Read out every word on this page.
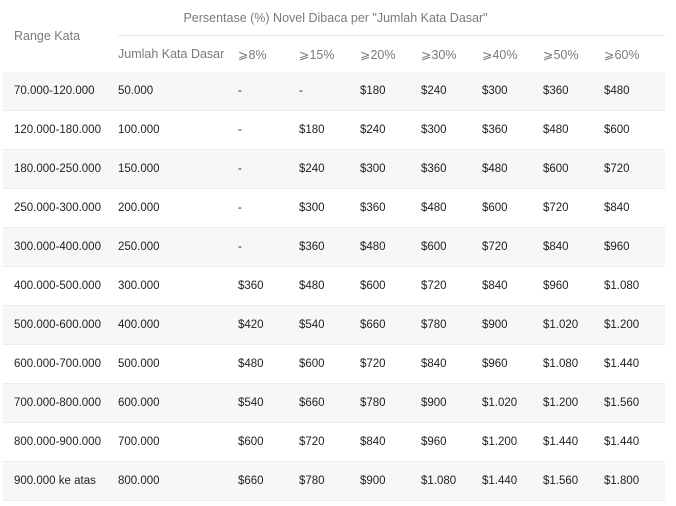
Range Kata	Persentase (%) Novel Dibaca per "Jumlah Kata Dasar"							
	Jumlah Kata Dasar	⩾8%	⩾15%	⩾20%	⩾30%	⩾40%	⩾50%	⩾60%
70.000-120.000	50.000	-	-	$180	$240	$300	$360	$480
120.000-180.000	100.000	-	$180	$240	$300	$360	$480	$600
180.000-250.000	150.000	-	$240	$300	$360	$480	$600	$720
250.000-300.000	200.000	-	$300	$360	$480	$600	$720	$840
300.000-400.000	250.000	-	$360	$480	$600	$720	$840	$960
400.000-500.000	300.000	$360	$480	$600	$720	$840	$960	$1.080
500.000-600.000	400.000	$420	$540	$660	$780	$900	$1.020	$1.200
600.000-700.000	500.000	$480	$600	$720	$840	$960	$1.080	$1.440
700.000-800.000	600.000	$540	$660	$780	$900	$1.020	$1.200	$1.560
800.000-900.000	700.000	$600	$720	$840	$960	$1.200	$1.440	$1.440
900.000 ke atas	800.000	$660	$780	$900	$1.080	$1.440	$1.560	$1.800
